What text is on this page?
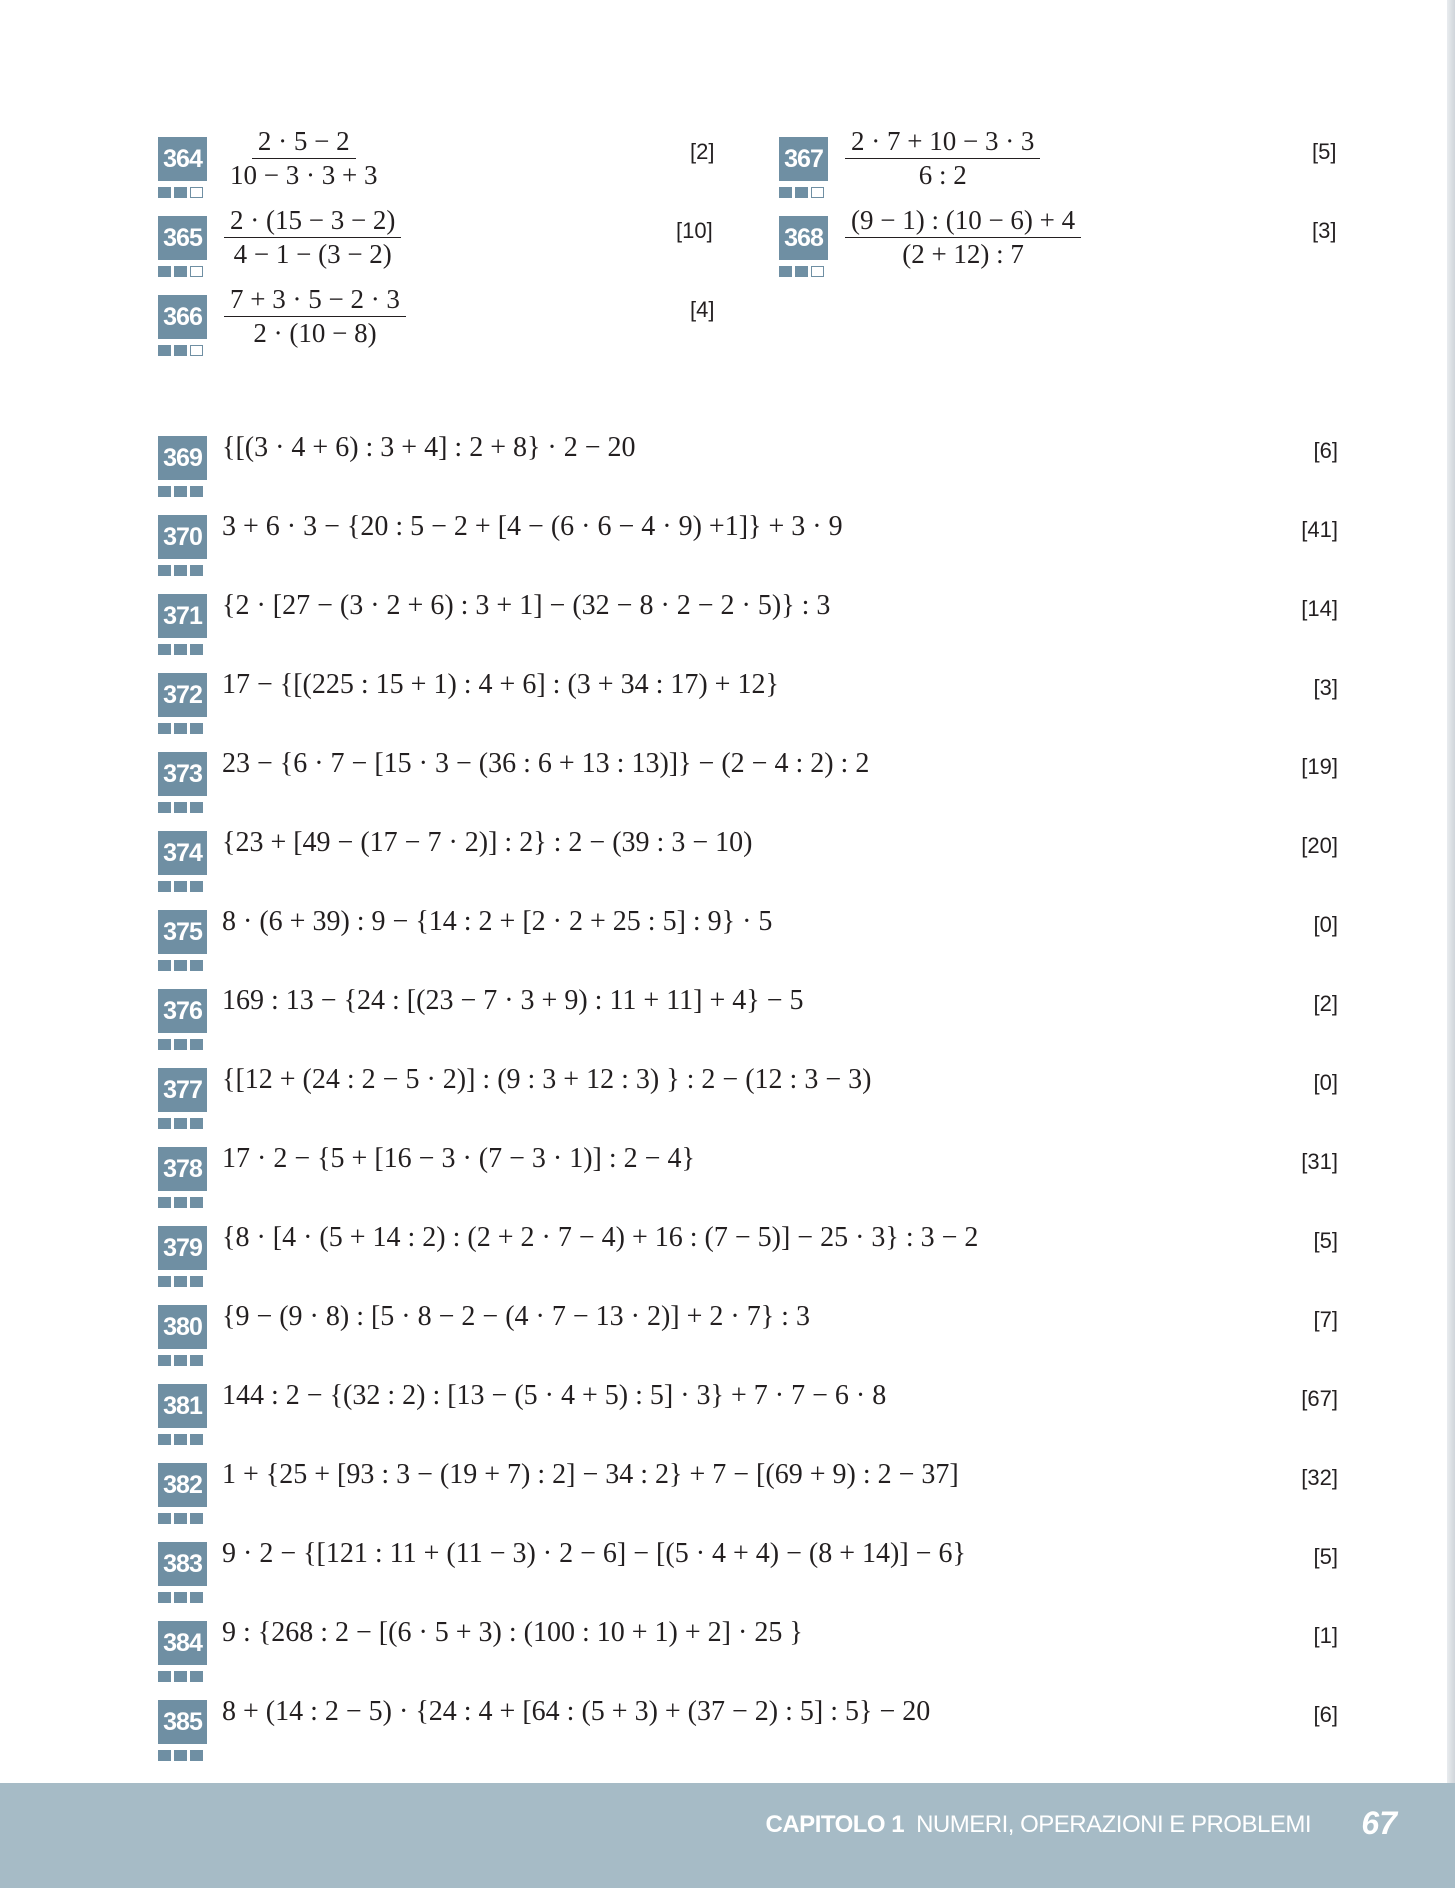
$364 \frac{2 \cdot 5 - 2}{10 - 3 \cdot 3 + 3}$	[2]
$365 \frac{2 \cdot (15 - 3 - 2)}{4 - 1 - (3 - 2)}$	[10]
$366 \frac{7 + 3 \cdot 5 - 2 \cdot 3}{2 \cdot (10 - 8)}$	[4]
$367 \frac{2 \cdot 7 + 10 - 3 \cdot 3}{6 : 2}$	[5]
$368 \frac{(9 - 1) : (10 - 6) + 4}{(2 + 12) : 7}$	[3]
369 {[(3 · 4 + 6) : 3 + 4] : 2 + 8} · 2 − 20	[6]
370 3 + 6 · 3 − {20 : 5 − 2 + [4 − (6 · 6 − 4 · 9) +1]} + 3 · 9	[41]
371 {2 · [27 − (3 · 2 + 6) : 3 + 1] − (32 − 8 · 2 − 2 · 5)} : 3	[14]
372 17 − {[(225 : 15 + 1) : 4 + 6] : (3 + 34 : 17) + 12}	[3]
373 23 − {6 · 7 − [15 · 3 − (36 : 6 + 13 : 13)]} − (2 − 4 : 2) : 2	[19]
374 {23 + [49 − (17 − 7 · 2)] : 2} : 2 − (39 : 3 − 10)	[20]
375 8 · (6 + 39) : 9 − {14 : 2 + [2 · 2 + 25 : 5] : 9} · 5	[0]
376 169 : 13 − {24 : [(23 − 7 · 3 + 9) : 11 + 11] + 4} − 5	[2]
377 {[12 + (24 : 2 − 5 · 2)] : (9 : 3 + 12 : 3) } : 2 − (12 : 3 − 3)	[0]
378 17 · 2 − {5 + [16 − 3 · (7 − 3 · 1)] : 2 − 4}	[31]
379 {8 · [4 · (5 + 14 : 2) : (2 + 2 · 7 − 4) + 16 : (7 − 5)] − 25 · 3} : 3 − 2	[5]
380 {9 − (9 · 8) : [5 · 8 − 2 − (4 · 7 − 13 · 2)] + 2 · 7} : 3	[7]
381 144 : 2 − {(32 : 2) : [13 − (5 · 4 + 5) : 5] · 3} + 7 · 7 − 6 · 8	[67]
382 1 + {25 + [93 : 3 − (19 + 7) : 2] − 34 : 2} + 7 − [(69 + 9) : 2 − 37]	[32]
383 9 · 2 − {[121 : 11 + (11 − 3) · 2 − 6] − [(5 · 4 + 4) − (8 + 14)] − 6}	[5]
384 9 : {268 : 2 − [(6 · 5 + 3) : (100 : 10 + 1) + 2] · 25 }	[1]
385 8 + (14 : 2 − 5) · {24 : 4 + [64 : (5 + 3) + (37 − 2) : 5] : 5} − 20	[6]
CAPITOLO 1 NUMERI, OPERAZIONI E PROBLEMI 67
